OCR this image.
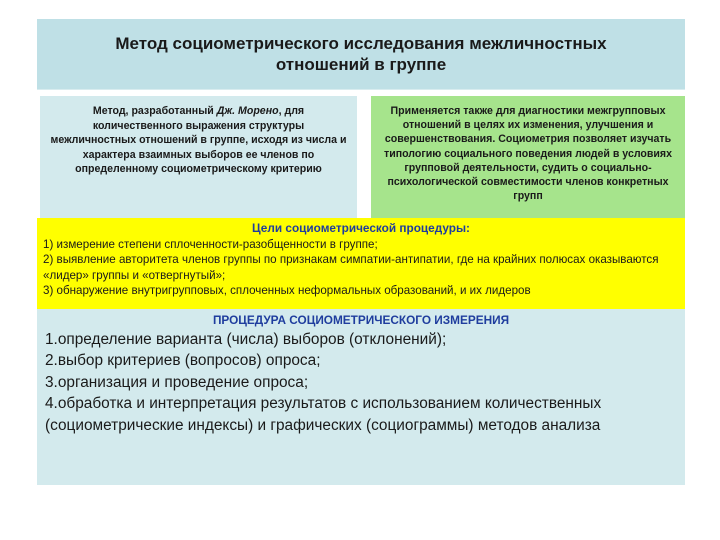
Метод социометрического исследования межличностных отношений в группе
Метод, разработанный Дж. Морено, для количественного выражения структуры межличностных отношений в группе, исходя из числа и характера взаимных выборов ее членов по определенному социометрическому критерию
Применяется также для диагностики межгрупповых отношений в целях их изменения, улучшения и совершенствования. Социометрия позволяет изучать типологию социального поведения людей в условиях групповой деятельности, судить о социально-психологической совместимости членов конкретных групп
Цели социометрической процедуры:
1) измерение степени сплоченности-разобщенности в группе;
2) выявление авторитета членов группы по признакам симпатии-антипатии, где на крайних полюсах оказываются «лидер» группы и «отвергнутый»;
3) обнаружение внутригрупповых, сплоченных неформальных образований, и их лидеров
ПРОЦЕДУРА СОЦИОМЕТРИЧЕСКОГО ИЗМЕРЕНИЯ
1.определение варианта (числа) выборов (отклонений);
2.выбор критериев (вопросов) опроса;
3.организация и проведение опроса;
4.обработка и интерпретация результатов с использованием количественных (социометрические индексы) и графических (социограммы) методов анализа
